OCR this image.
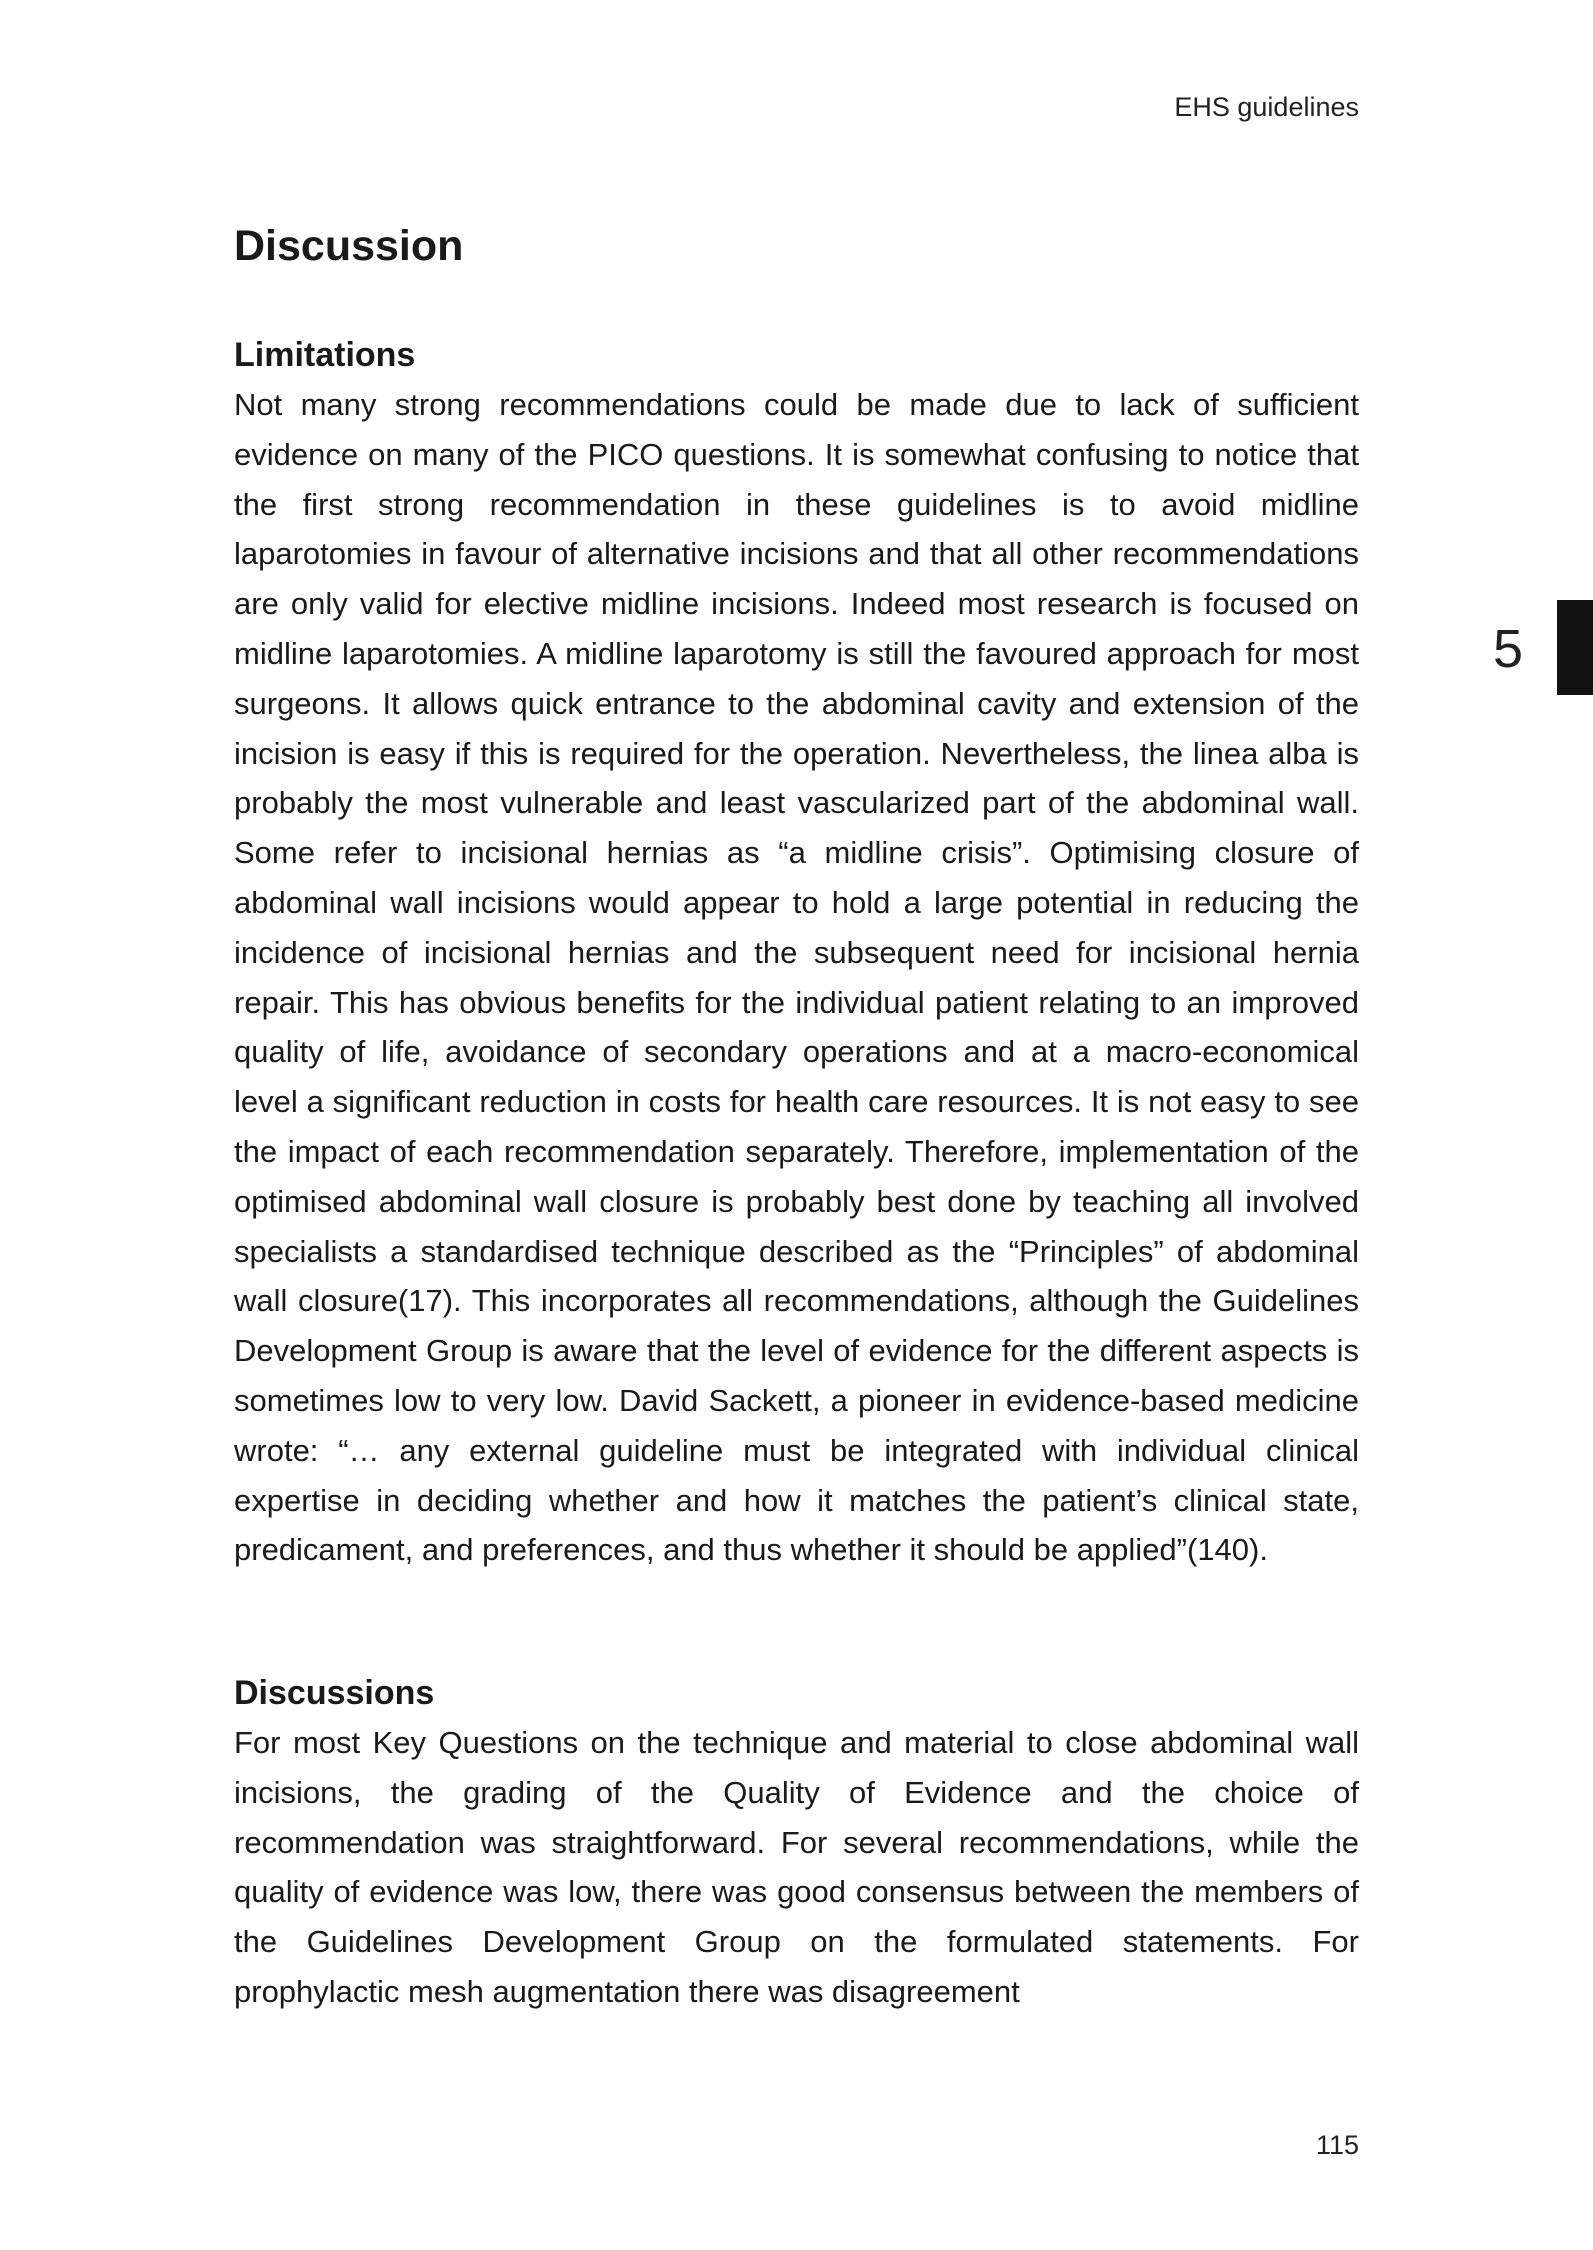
EHS guidelines
5
Discussion
Limitations

Not many strong recommendations could be made due to lack of sufficient evidence on many of the PICO questions. It is somewhat confusing to notice that the first strong recommendation in these guidelines is to avoid midline laparotomies in favour of alternative incisions and that all other recommendations are only valid for elective midline incisions. Indeed most research is focused on midline laparotomies. A midline laparotomy is still the favoured approach for most surgeons. It allows quick entrance to the abdominal cavity and extension of the incision is easy if this is required for the operation. Nevertheless, the linea alba is probably the most vulnerable and least vascularized part of the abdominal wall. Some refer to incisional hernias as “a midline crisis”. Optimising closure of abdominal wall incisions would appear to hold a large potential in reducing the incidence of incisional hernias and the subsequent need for incisional hernia repair. This has obvious benefits for the individual patient relating to an improved quality of life, avoidance of secondary operations and at a macro-economical level a significant reduction in costs for health care resources. It is not easy to see the impact of each recommendation separately. Therefore, implementation of the optimised abdominal wall closure is probably best done by teaching all involved specialists a standardised technique described as the “Principles” of abdominal wall closure(17). This incorporates all recommendations, although the Guidelines Development Group is aware that the level of evidence for the different aspects is sometimes low to very low. David Sackett, a pioneer in evidence-based medicine wrote: “… any external guideline must be integrated with individual clinical expertise in deciding whether and how it matches the patient’s clinical state, predicament, and preferences, and thus whether it should be applied”(140).

Discussions

For most Key Questions on the technique and material to close abdominal wall incisions, the grading of the Quality of Evidence and the choice of recommendation was straightforward. For several recommendations, while the quality of evidence was low, there was good consensus between the members of the Guidelines Development Group on the formulated statements. For prophylactic mesh augmentation there was disagreement

115
